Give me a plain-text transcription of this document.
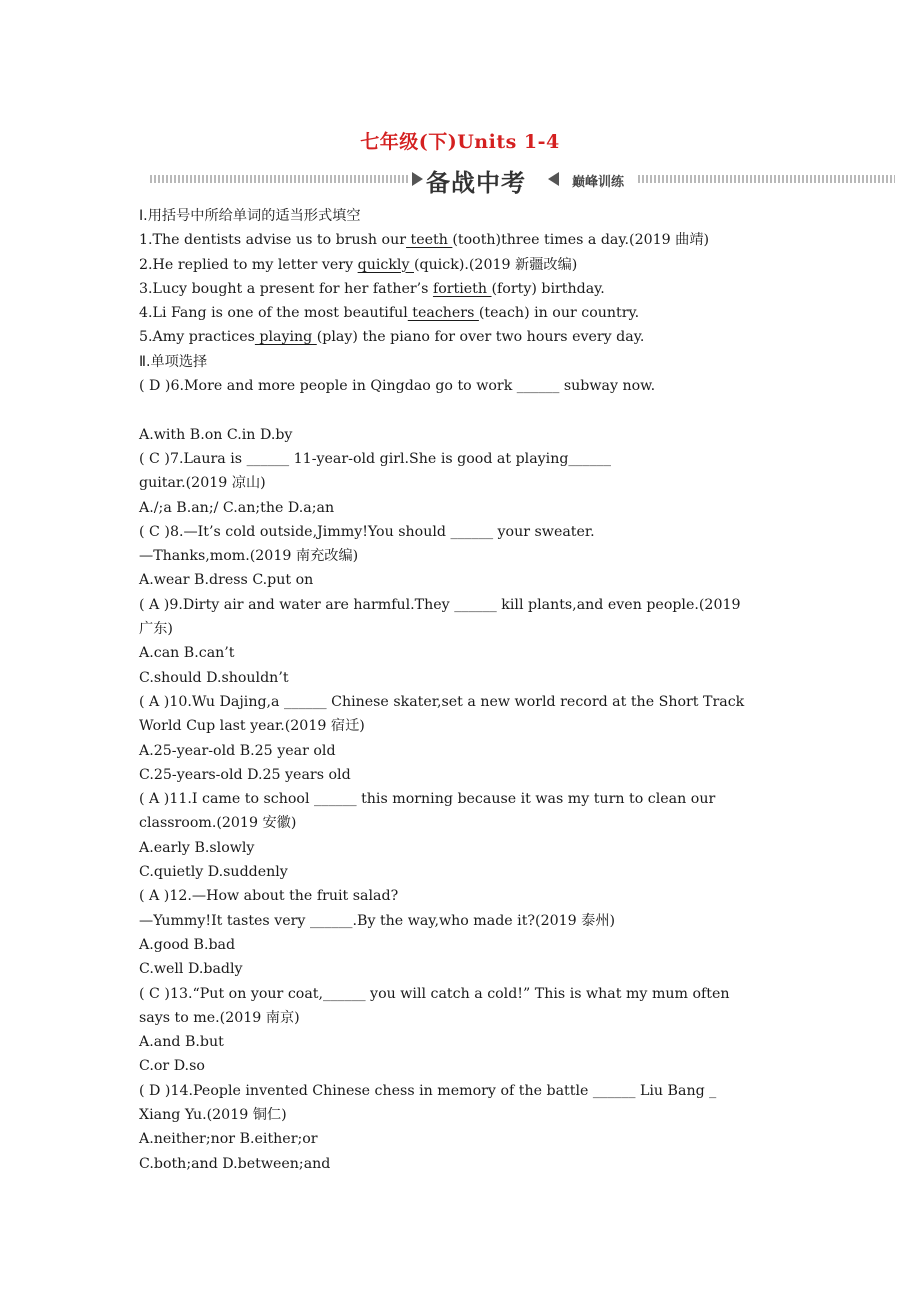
七年级(下)Units 1-4
备战中考	巅峰训练
Ⅰ.用括号中所给单词的适当形式填空
1.The dentists advise us to brush our teeth (tooth)three times a day.(2019 曲靖)
2.He replied to my letter very quickly (quick).(2019 新疆改编)
3.Lucy bought a present for her father’s fortieth (forty) birthday.
4.Li Fang is one of the most beautiful teachers (teach) in our country.
5.Amy practices playing (play) the piano for over two hours every day.
Ⅱ.单项选择
( D )6.More and more people in Qingdao go to work ______ subway now.
A.with B.on C.in D.by
( C )7.Laura is ______ 11-year-old girl.She is good at playing______
guitar.(2019 凉山)
A./;a B.an;/ C.an;the D.a;an
( C )8.—It’s cold outside,Jimmy!You should ______ your sweater.
—Thanks,mom.(2019 南充改编)
A.wear B.dress C.put on
( A )9.Dirty air and water are harmful.They ______ kill plants,and even people.(2019
广东)
A.can B.can’t
C.should D.shouldn’t
( A )10.Wu Dajing,a ______ Chinese skater,set a new world record at the Short Track
World Cup last year.(2019 宿迁)
A.25-year-old B.25 year old
C.25-years-old D.25 years old
( A )11.I came to school ______ this morning because it was my turn to clean our
classroom.(2019 安徽)
A.early B.slowly
C.quietly D.suddenly
( A )12.—How about the fruit salad?
—Yummy!It tastes very ______.By the way,who made it?(2019 泰州)
A.good B.bad
C.well D.badly
( C )13.“Put on your coat,______ you will catch a cold!” This is what my mum often
says to me.(2019 南京)
A.and B.but
C.or D.so
( D )14.People invented Chinese chess in memory of the battle ______ Liu Bang _
Xiang Yu.(2019 铜仁)
A.neither;nor B.either;or
C.both;and D.between;and
